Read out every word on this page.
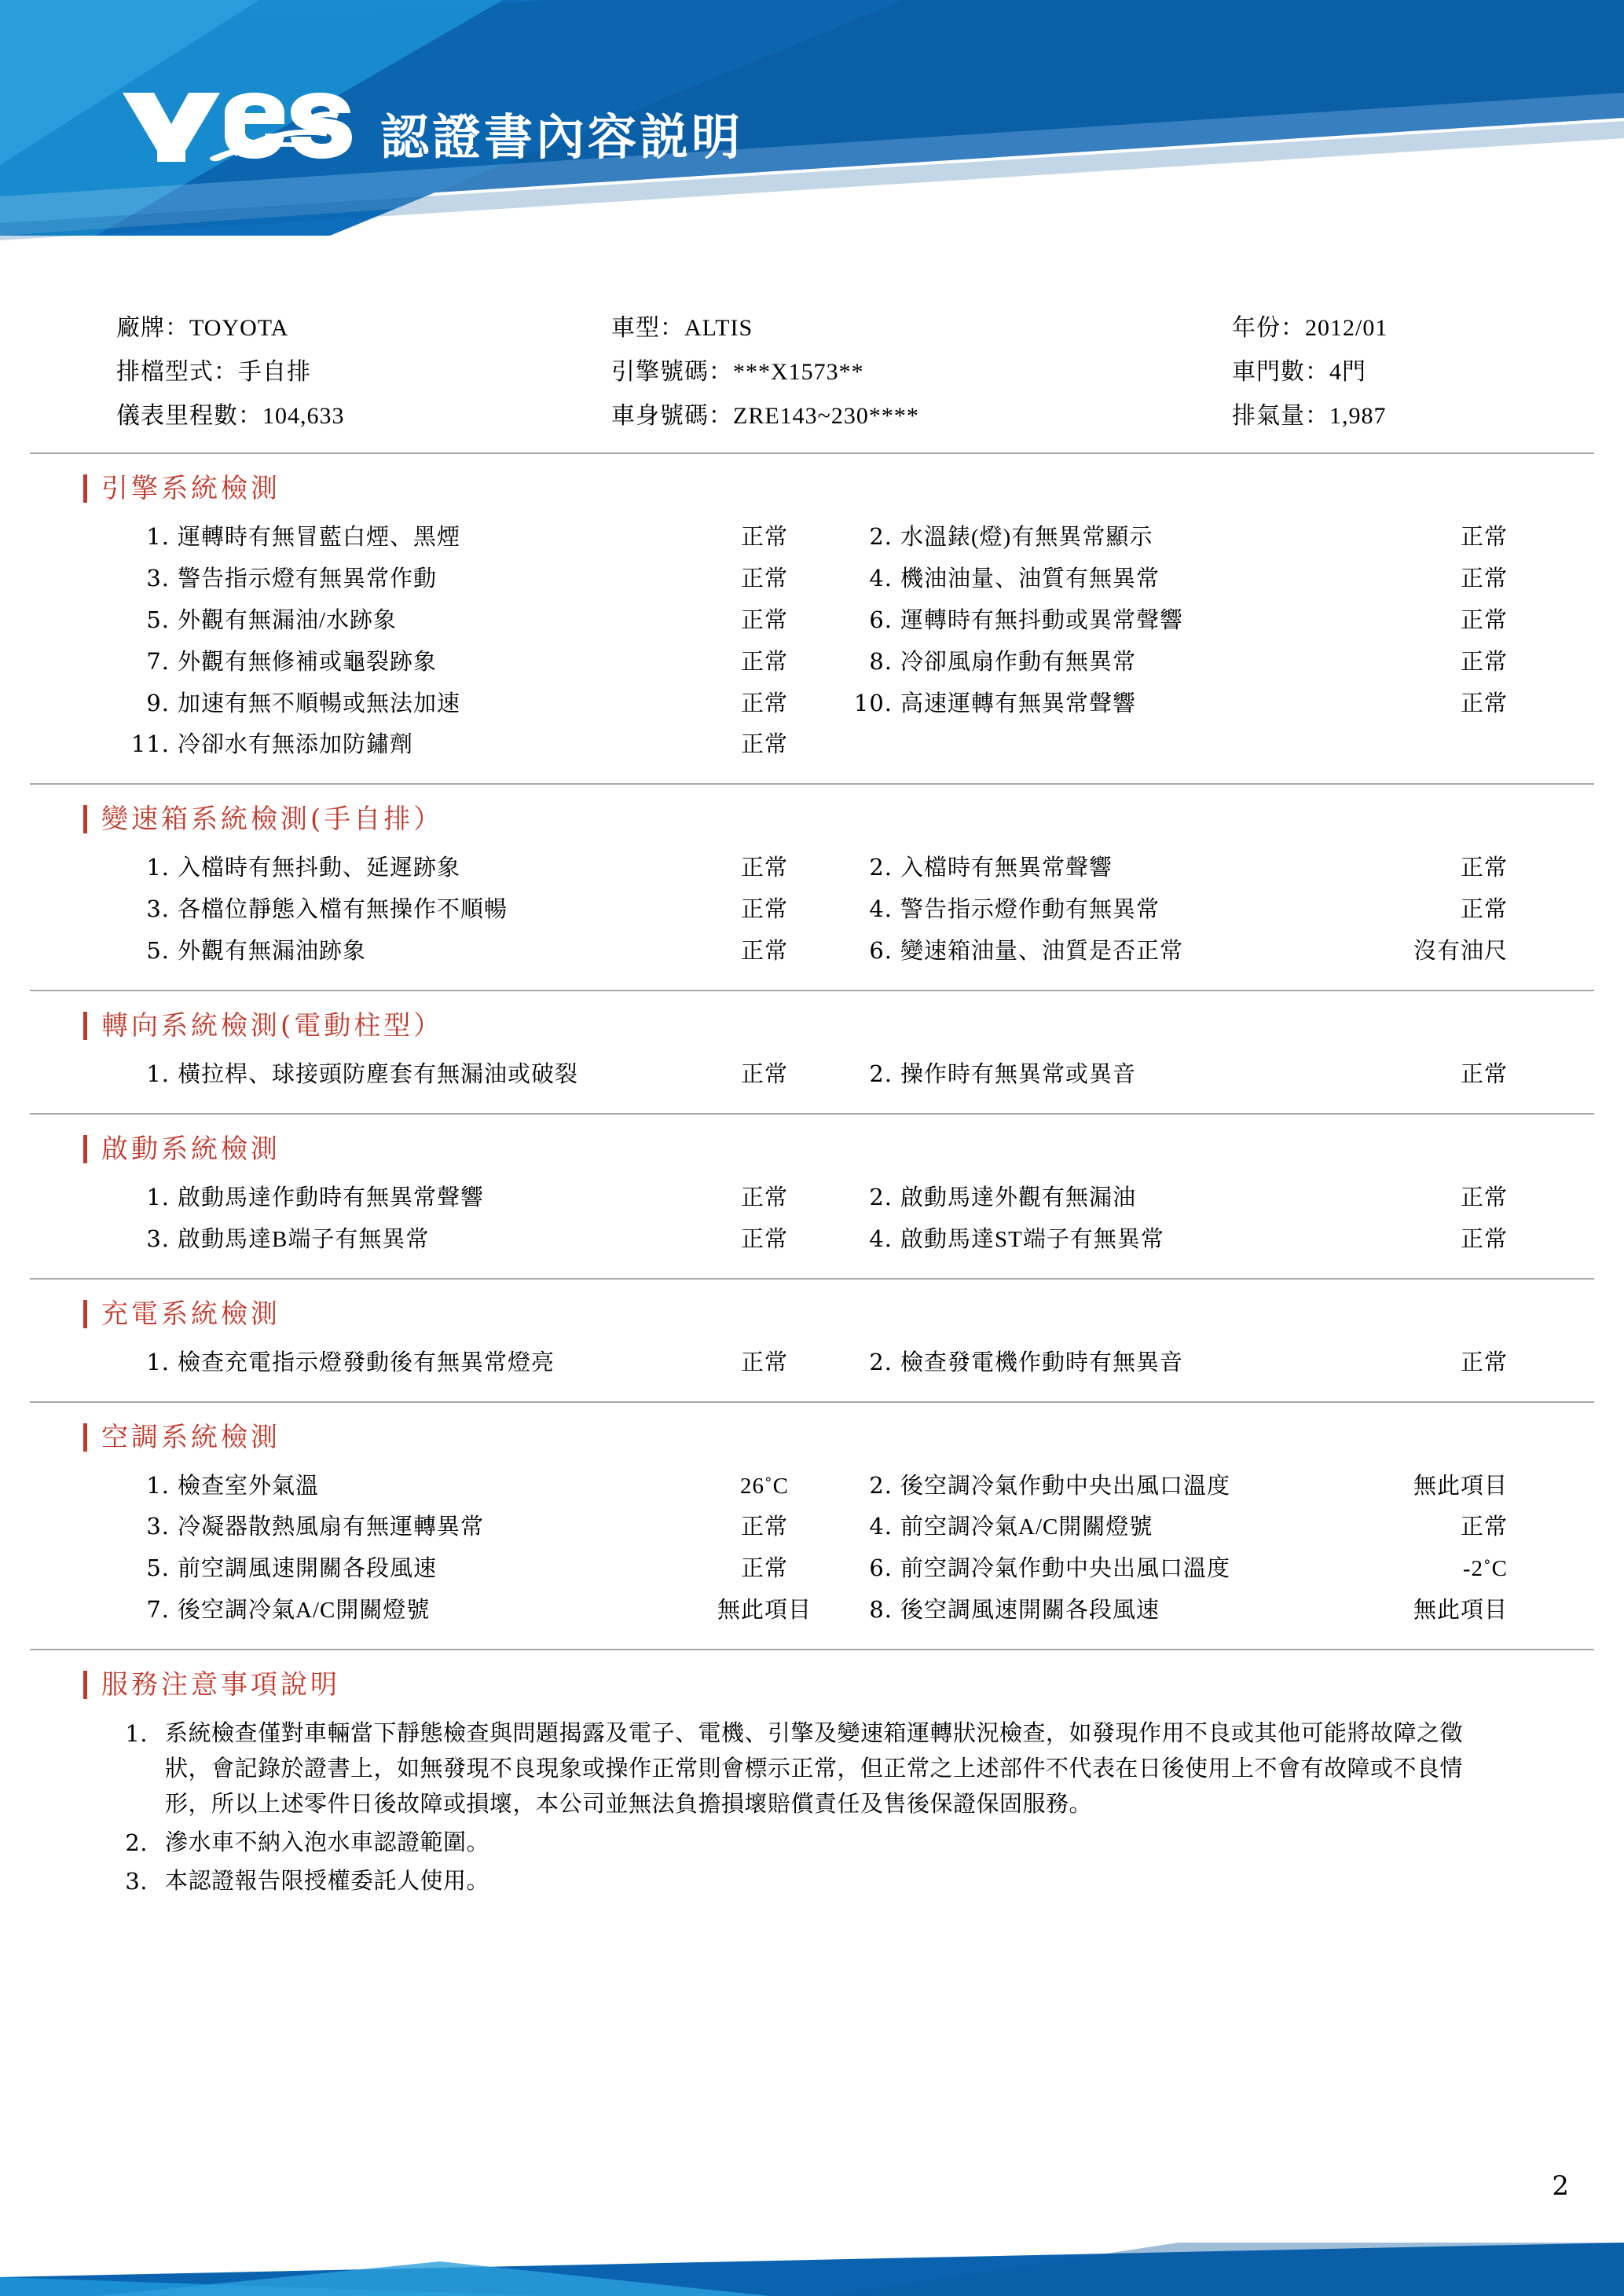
認證書內容説明
廠牌：TOYOTA	車型：ALTIS	年份：2012/01
排檔型式：手自排	引擎號碼：***X1573**	車門數：4門
儀表里程數：104,633	車身號碼：ZRE143~230****	排氣量：1,987
引擎系統檢測
1. 運轉時有無冒藍白煙、黑煙	正常	2. 水溫錶(燈)有無異常顯示	正常
3. 警告指示燈有無異常作動	正常	4. 機油油量、油質有無異常	正常
5. 外觀有無漏油/水跡象	正常	6. 運轉時有無抖動或異常聲響	正常
7. 外觀有無修補或龜裂跡象	正常	8. 冷卻風扇作動有無異常	正常
9. 加速有無不順暢或無法加速	正常	10. 高速運轉有無異常聲響	正常
11. 冷卻水有無添加防鏽劑	正常
變速箱系統檢測(手自排）
1. 入檔時有無抖動、延遲跡象	正常	2. 入檔時有無異常聲響	正常
3. 各檔位靜態入檔有無操作不順暢	正常	4. 警告指示燈作動有無異常	正常
5. 外觀有無漏油跡象	正常	6. 變速箱油量、油質是否正常	沒有油尺
轉向系統檢測(電動柱型）
1. 橫拉桿、球接頭防塵套有無漏油或破裂	正常	2. 操作時有無異常或異音	正常
啟動系統檢測
1. 啟動馬達作動時有無異常聲響	正常	2. 啟動馬達外觀有無漏油	正常
3. 啟動馬達B端子有無異常	正常	4. 啟動馬達ST端子有無異常	正常
充電系統檢測
1. 檢查充電指示燈發動後有無異常燈亮	正常	2. 檢查發電機作動時有無異音	正常
空調系統檢測
1. 檢查室外氣溫	26˚C	2. 後空調冷氣作動中央出風口溫度	無此項目
3. 冷凝器散熱風扇有無運轉異常	正常	4. 前空調冷氣A/C開關燈號	正常
5. 前空調風速開關各段風速	正常	6. 前空調冷氣作動中央出風口溫度	-2˚C
7. 後空調冷氣A/C開關燈號	無此項目	8. 後空調風速開關各段風速	無此項目
服務注意事項說明
1. 系統檢查僅對車輛當下靜態檢查與問題揭露及電子、電機、引擎及變速箱運轉狀況檢查，如發現作用不良或其他可能將故障之徵狀，會記錄於證書上，如無發現不良現象或操作正常則會標示正常，但正常之上述部件不代表在日後使用上不會有故障或不良情形，所以上述零件日後故障或損壞，本公司並無法負擔損壞賠償責任及售後保證保固服務。
2. 滲水車不納入泡水車認證範圍。
3. 本認證報告限授權委託人使用。
2
